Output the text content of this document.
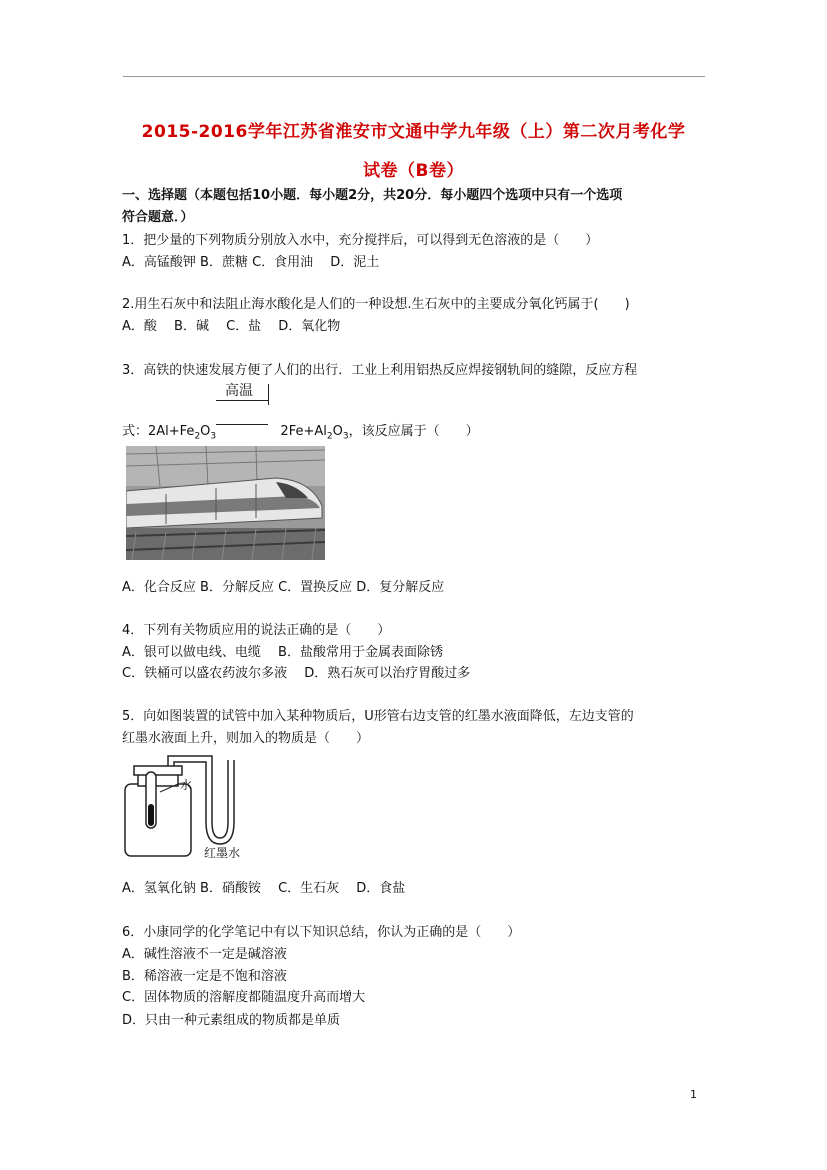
2015-2016学年江苏省淮安市文通中学九年级（上）第二次月考化学
试卷（B卷）
一、选择题（本题包括10小题．每小题2分，共20分．每小题四个选项中只有一个选项
符合题意．）
1．把少量的下列物质分别放入水中，充分搅拌后，可以得到无色溶液的是（　　）
A．高锰酸钾 B．蔗糖 C．食用油　 D．泥土
2.用生石灰中和法阻止海水酸化是人们的一种设想.生石灰中的主要成分氧化钙属于(　　)
A．酸　 B．碱　 C．盐　 D．氧化物
3．高铁的快速发展方便了人们的出行．工业上利用铝热反应焊接钢轨间的缝隙，反应方程
高温
式：$2Al+Fe_2O_3$	$2Fe+Al_2O_3$，该反应属于（　　）
A．化合反应 B．分解反应 C．置换反应 D．复分解反应
4．下列有关物质应用的说法正确的是（　　）
A．银可以做电线、电缆　 B．盐酸常用于金属表面除锈
C．铁桶可以盛农药波尔多液　 D．熟石灰可以治疗胃酸过多
5．向如图装置的试管中加入某种物质后，U形管右边支管的红墨水液面降低，左边支管的
红墨水液面上升，则加入的物质是（　　）
水
红墨水
A．氢氧化钠 B．硝酸铵　 C．生石灰　 D．食盐
6．小康同学的化学笔记中有以下知识总结，你认为正确的是（　　）
A．碱性溶液不一定是碱溶液
B．稀溶液一定是不饱和溶液
C．固体物质的溶解度都随温度升高而增大
D．只由一种元素组成的物质都是单质
1
